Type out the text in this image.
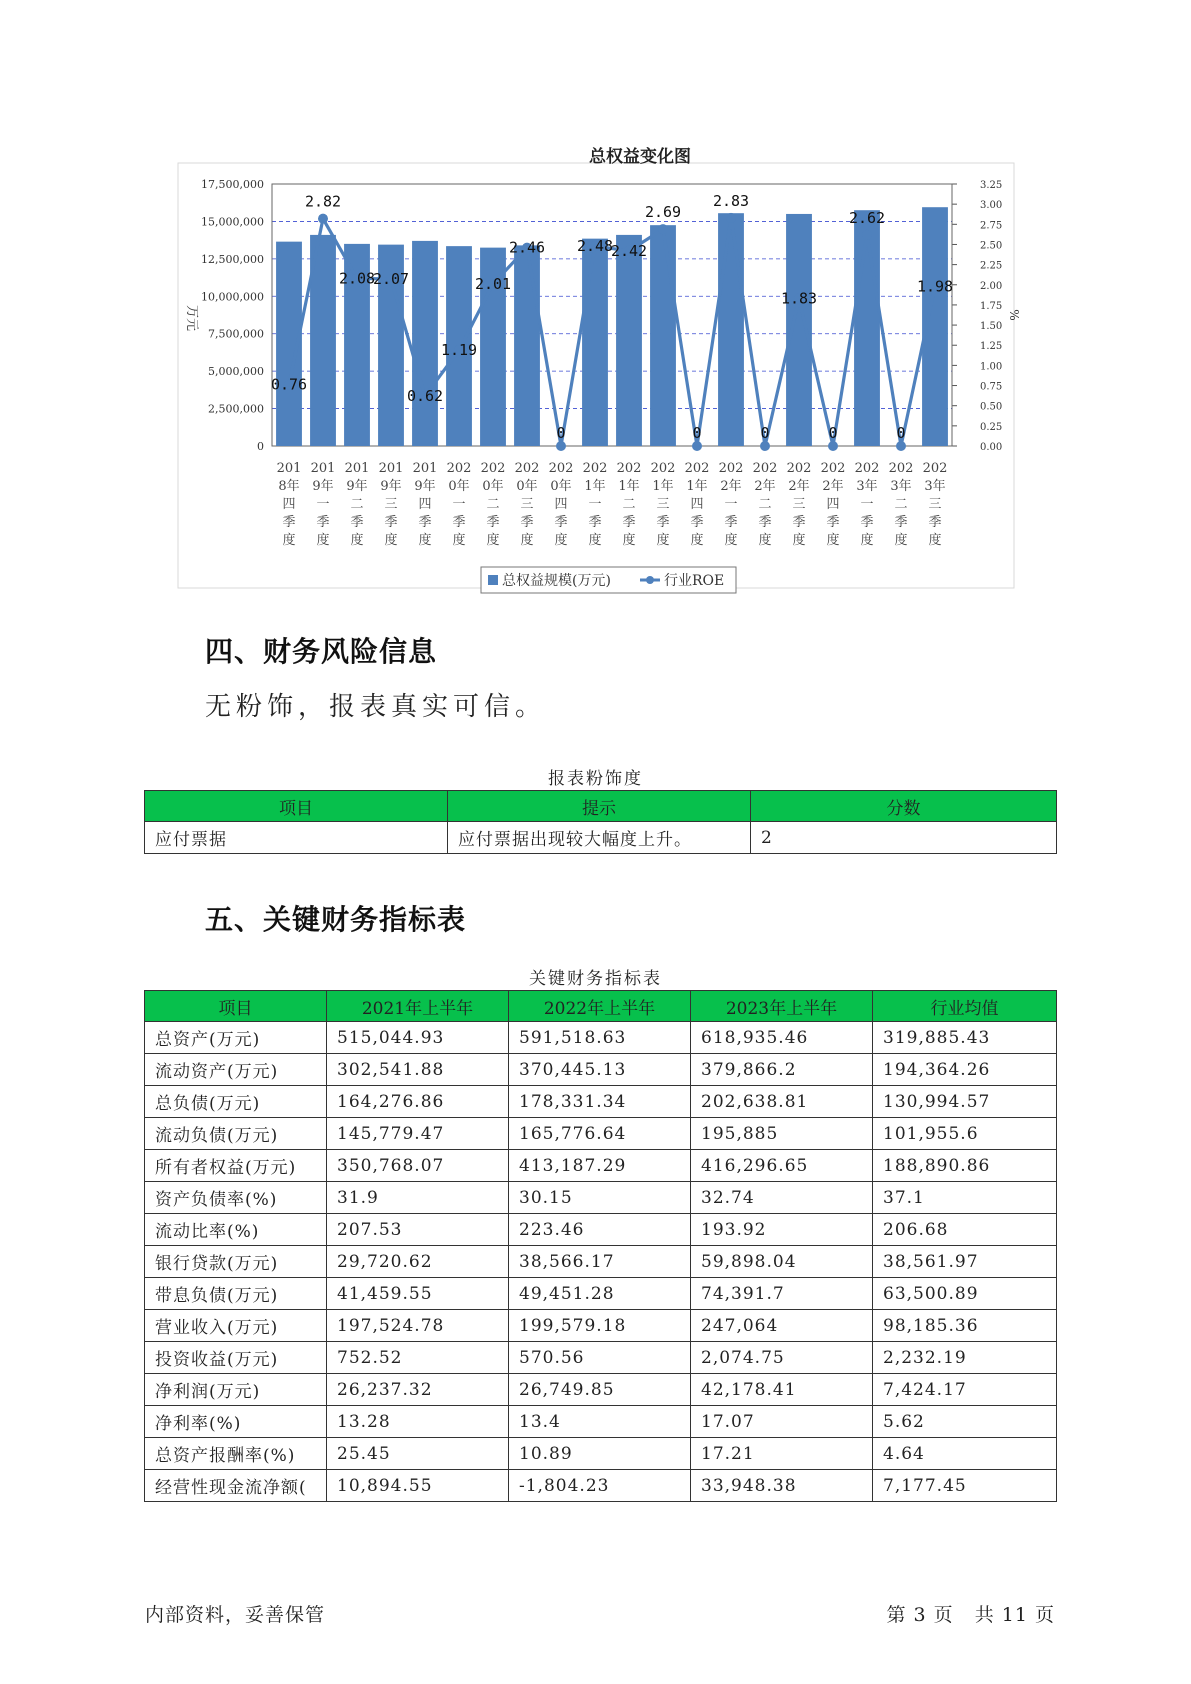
总权益变化图
0
2,500,000
5,000,000
7,500,000
10,000,000
12,500,000
15,000,000
17,500,000
0.00
0.25
0.50
0.75
1.00
1.25
1.50
1.75
2.00
2.25
2.50
2.75
3.00
3.25
万元	%
0.76
2.82
2.08
2.07
0.62
1.19
2.01
2.46
0
2.48
2.42
2.69
0
2.83
0
1.83
0
2.62
0
1.98
201
8年
四
季
度
201
9年
一
季
度
201
9年
二
季
度
201
9年
三
季
度
201
9年
四
季
度
202
0年
一
季
度
202
0年
二
季
度
202
0年
三
季
度
202
0年
四
季
度
202
1年
一
季
度
202
1年
二
季
度
202
1年
三
季
度
202
1年
四
季
度
202
2年
一
季
度
202
2年
二
季
度
202
2年
三
季
度
202
2年
四
季
度
202
3年
一
季
度
202
3年
二
季
度
202
3年
三
季
度
总权益规模(万元)	行业ROE
四、财务风险信息
无粉饰，报表真实可信。
报表粉饰度
项目	提示	分数
应付票据	应付票据出现较大幅度上升。	2
五、关键财务指标表
关键财务指标表
项目	2021年上半年	2022年上半年	2023年上半年	行业均值
总资产(万元)	515,044.93	591,518.63	618,935.46	319,885.43
流动资产(万元)	302,541.88	370,445.13	379,866.2	194,364.26
总负债(万元)	164,276.86	178,331.34	202,638.81	130,994.57
流动负债(万元)	145,779.47	165,776.64	195,885	101,955.6
所有者权益(万元)	350,768.07	413,187.29	416,296.65	188,890.86
资产负债率(%)	31.9	30.15	32.74	37.1
流动比率(%)	207.53	223.46	193.92	206.68
银行贷款(万元)	29,720.62	38,566.17	59,898.04	38,561.97
带息负债(万元)	41,459.55	49,451.28	74,391.7	63,500.89
营业收入(万元)	197,524.78	199,579.18	247,064	98,185.36
投资收益(万元)	752.52	570.56	2,074.75	2,232.19
净利润(万元)	26,237.32	26,749.85	42,178.41	7,424.17
净利率(%)	13.28	13.4	17.07	5.62
总资产报酬率(%)	25.45	10.89	17.21	4.64
经营性现金流净额(	10,894.55	-1,804.23	33,948.38	7,177.45
内部资料，妥善保管	第 3 页   共 11 页
